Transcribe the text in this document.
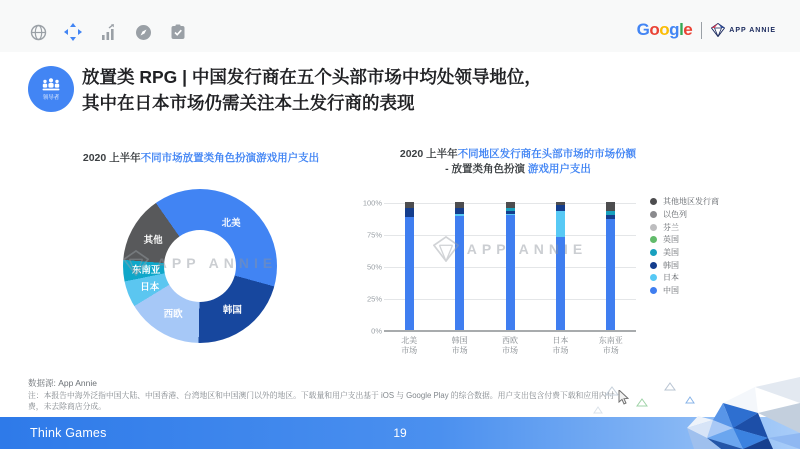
Google	APP ANNIE
领导者
放置类 RPG | 中国发行商在五个头部市场中均处领导地位，
其中在日本市场仍需关注本土发行商的表现
2020 上半年不同市场放置类角色扮演游戏用户支出	2020 上半年不同地区发行商在头部市场的市场份额
- 放置类角色扮演 游戏用户支出
北美
韩国
西欧
日本
东南亚
其他
APP ANNIE
0%
25%
50%
75%
100%
北美
市场
韩国
市场
西欧
市场
日本
市场
东南亚
市场
APP ANNIE
其他地区发行商
以色列
芬兰
英国
美国
韩国
日本
中国
数据源: App Annie
注：本报告中海外泛指中国大陆、中国香港、台湾地区和中国澳门以外的地区。下载量和用户支出基于 iOS 与 Google Play 的综合数据。用户支出包含付费下载和应用内付费，未去除商店分成。
Think Games	19
